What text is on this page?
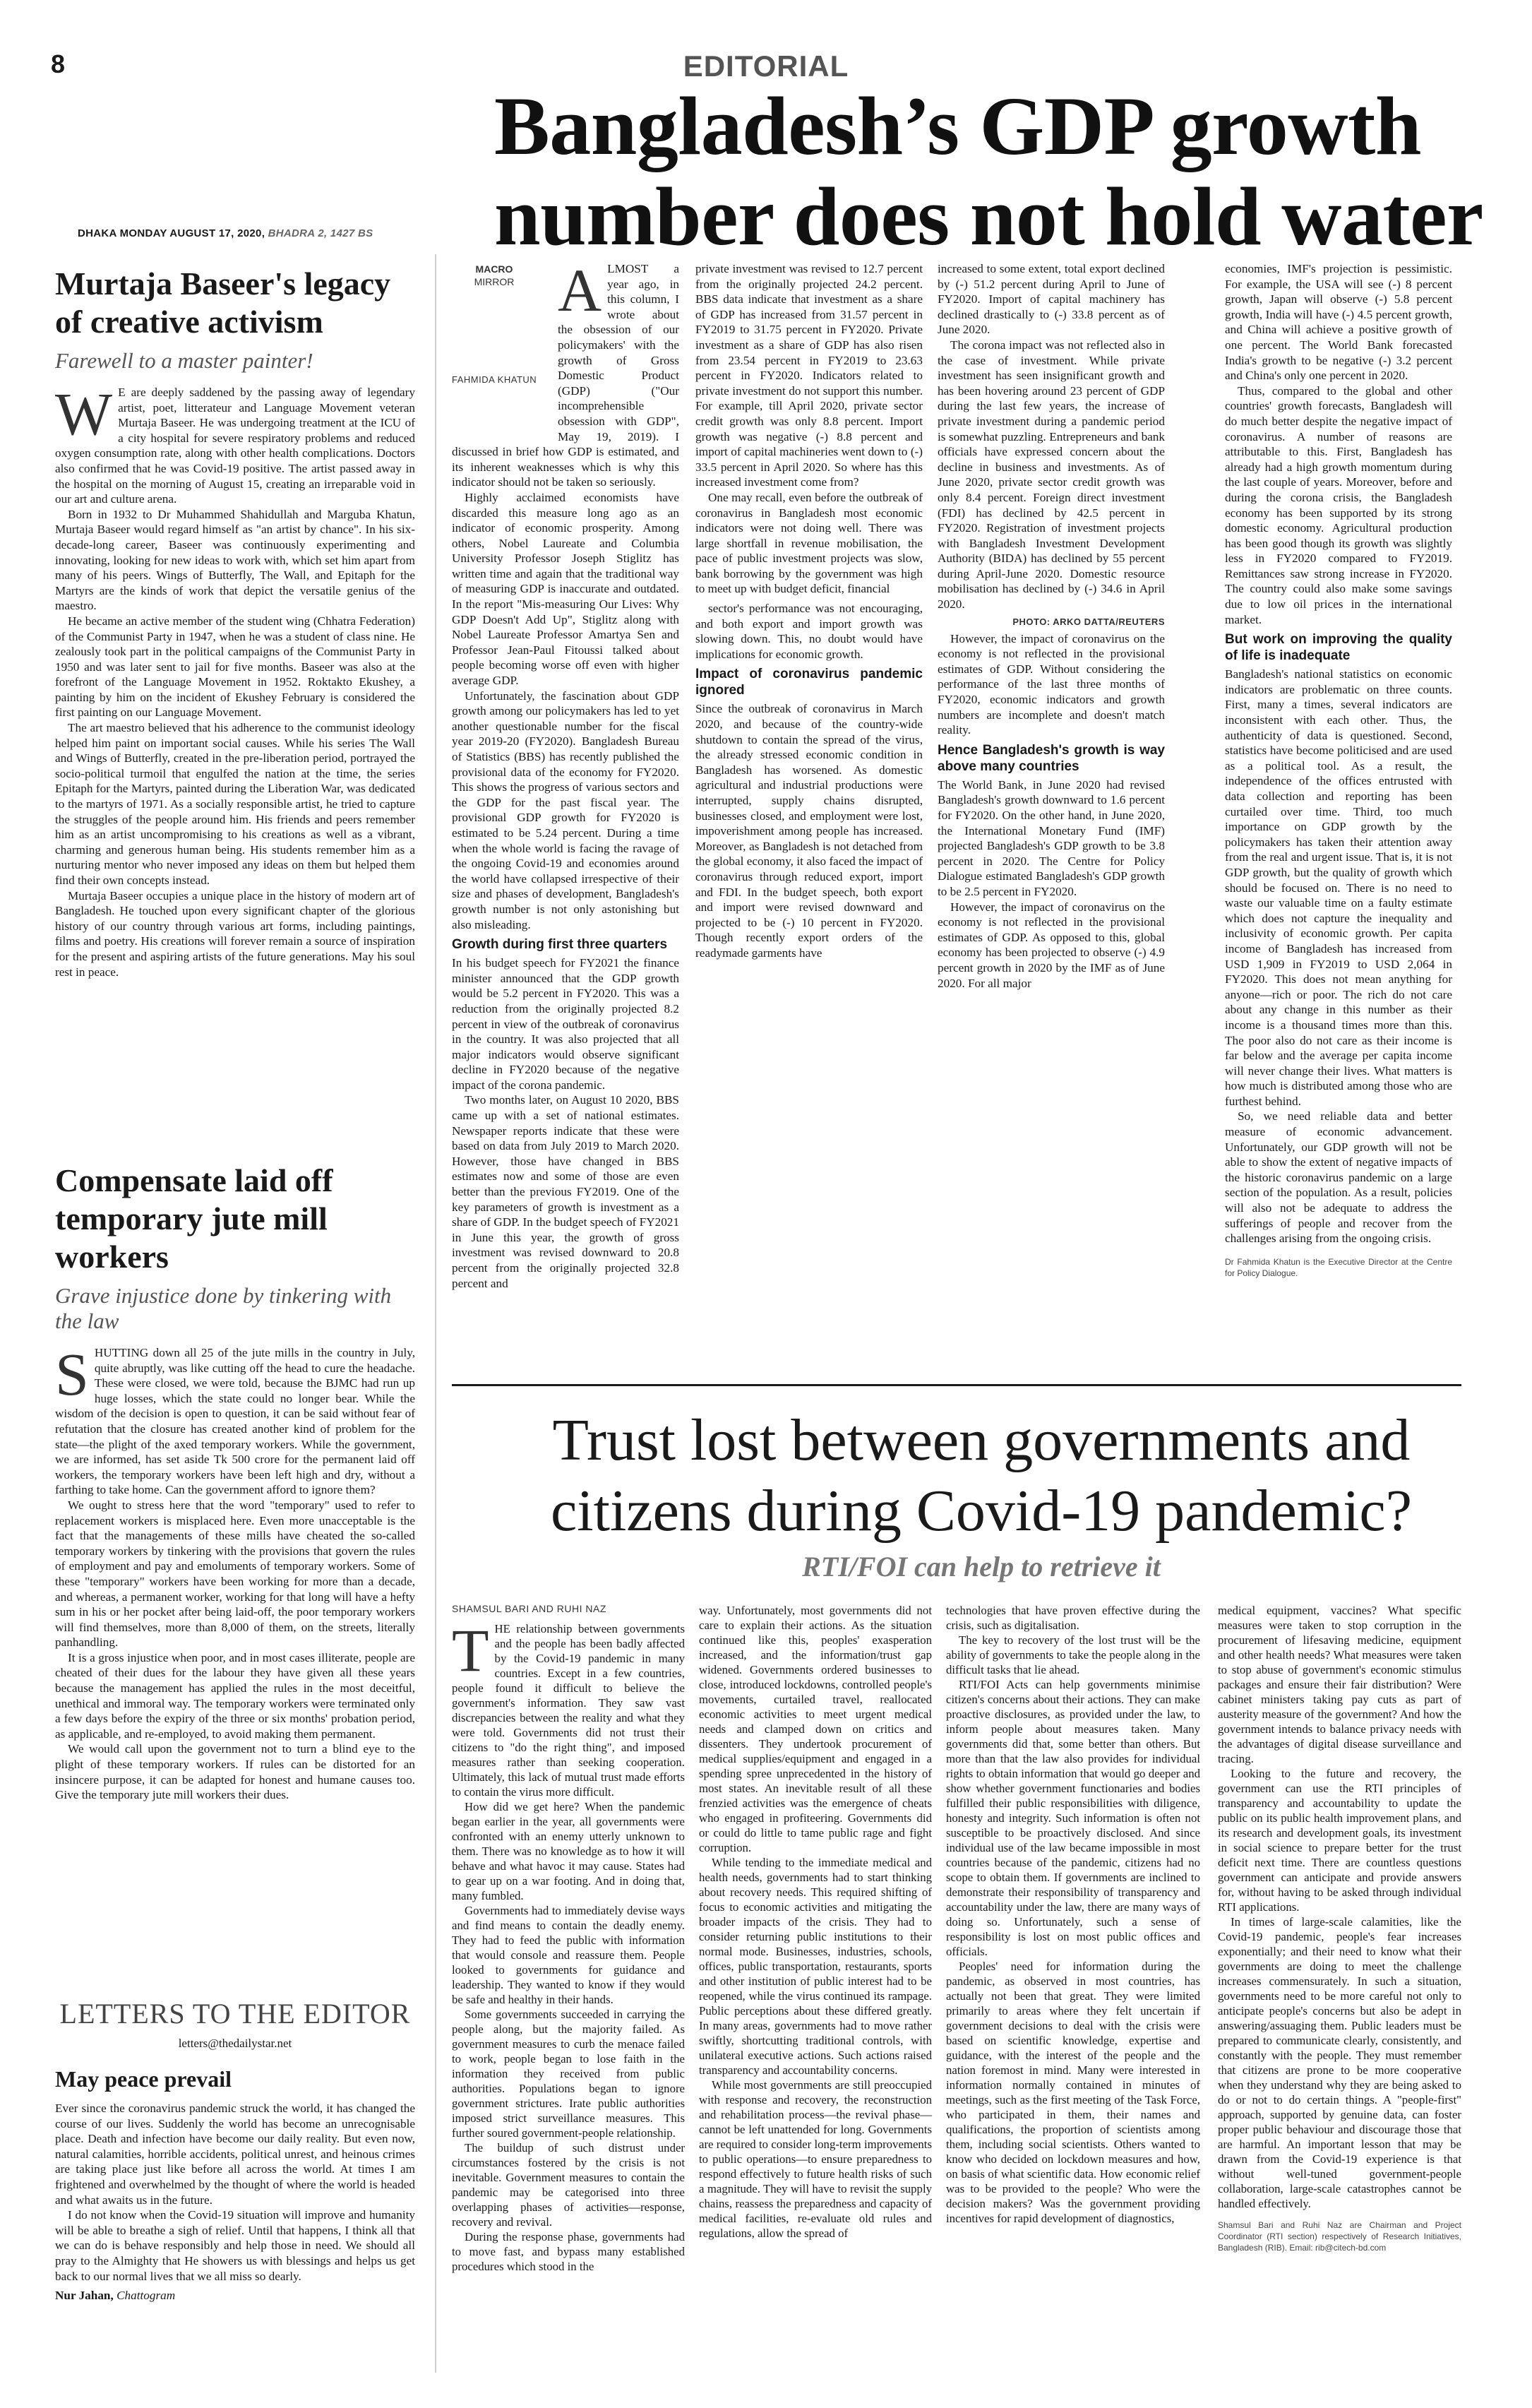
8	EDITORIAL
DHAKA MONDAY AUGUST 17, 2020, BHADRA 2, 1427 BS
Bangladesh’s GDP growth number does not hold water
Murtaja Baseer's legacy of creative activism
Farewell to a master painter!

W E are deeply saddened by the passing away of legendary artist, poet, litterateur and Language Movement veteran Murtaja Baseer. He was undergoing treatment at the ICU of a city hospital for severe respiratory problems and reduced oxygen consumption rate, along with other health complications. Doctors also confirmed that he was Covid-19 positive. The artist passed away in the hospital on the morning of August 15, creating an irreparable void in our art and culture arena.

Born in 1932 to Dr Muhammed Shahidullah and Marguba Khatun, Murtaja Baseer would regard himself as "an artist by chance". In his six-decade-long career, Baseer was continuously experimenting and innovating, looking for new ideas to work with, which set him apart from many of his peers. Wings of Butterfly, The Wall, and Epitaph for the Martyrs are the kinds of work that depict the versatile genius of the maestro.

He became an active member of the student wing (Chhatra Federation) of the Communist Party in 1947, when he was a student of class nine. He zealously took part in the political campaigns of the Communist Party in 1950 and was later sent to jail for five months. Baseer was also at the forefront of the Language Movement in 1952. Roktakto Ekushey, a painting by him on the incident of Ekushey February is considered the first painting on our Language Movement.

The art maestro believed that his adherence to the communist ideology helped him paint on important social causes. While his series The Wall and Wings of Butterfly, created in the pre-liberation period, portrayed the socio-political turmoil that engulfed the nation at the time, the series Epitaph for the Martyrs, painted during the Liberation War, was dedicated to the martyrs of 1971. As a socially responsible artist, he tried to capture the struggles of the people around him. His friends and peers remember him as an artist uncompromising to his creations as well as a vibrant, charming and generous human being. His students remember him as a nurturing mentor who never imposed any ideas on them but helped them find their own concepts instead.

Murtaja Baseer occupies a unique place in the history of modern art of Bangladesh. He touched upon every significant chapter of the glorious history of our country through various art forms, including paintings, films and poetry. His creations will forever remain a source of inspiration for the present and aspiring artists of the future generations. May his soul rest in peace.

Compensate laid off temporary jute mill workers
Grave injustice done by tinkering with the law

SHUTTING down all 25 of the jute mills in the country in July, quite abruptly, was like cutting off the head to cure the headache. These were closed, we were told, because the BJMC had run up huge losses, which the state could no longer bear. While the wisdom of the decision is open to question, it can be said without fear of refutation that the closure has created another kind of problem for the state—the plight of the axed temporary workers. While the government, we are informed, has set aside Tk 500 crore for the permanent laid off workers, the temporary workers have been left high and dry, without a farthing to take home. Can the government afford to ignore them?

We ought to stress here that the word "temporary" used to refer to replacement workers is misplaced here. Even more unacceptable is the fact that the managements of these mills have cheated the so-called temporary workers by tinkering with the provisions that govern the rules of employment and pay and emoluments of temporary workers. Some of these "temporary" workers have been working for more than a decade, and whereas, a permanent worker, working for that long will have a hefty sum in his or her pocket after being laid-off, the poor temporary workers will find themselves, more than 8,000 of them, on the streets, literally panhandling.

It is a gross injustice when poor, and in most cases illiterate, people are cheated of their dues for the labour they have given all these years because the management has applied the rules in the most deceitful, unethical and immoral way. The temporary workers were terminated only a few days before the expiry of the three or six months' probation period, as applicable, and re-employed, to avoid making them permanent.

We would call upon the government not to turn a blind eye to the plight of these temporary workers. If rules can be distorted for an insincere purpose, it can be adapted for honest and humane causes too. Give the temporary jute mill workers their dues.

LETTERS TO THE EDITOR
letters@thedailystar.net
May peace prevail

Ever since the coronavirus pandemic struck the world, it has changed the course of our lives. Suddenly the world has become an unrecognisable place. Death and infection have become our daily reality. But even now, natural calamities, horrible accidents, political unrest, and heinous crimes are taking place just like before all across the world. At times I am frightened and overwhelmed by the thought of where the world is headed and what awaits us in the future.

I do not know when the Covid-19 situation will improve and humanity will be able to breathe a sigh of relief. Until that happens, I think all that we can do is behave responsibly and help those in need. We should all pray to the Almighty that He showers us with blessings and helps us get back to our normal lives that we all miss so dearly.

Nur Jahan, Chattogram

MACRO
MIRROR
FAHMIDA KHATUN

ALMOST a year ago, in this column, I wrote about the obsession of our policymakers' with the growth of Gross Domestic Product (GDP) ("Our incomprehensible obsession with GDP", May 19, 2019). I discussed in brief how GDP is estimated, and its inherent weaknesses which is why this indicator should not be taken so seriously.

Highly acclaimed economists have discarded this measure long ago as an indicator of economic prosperity. Among others, Nobel Laureate and Columbia University Professor Joseph Stiglitz has written time and again that the traditional way of measuring GDP is inaccurate and outdated. In the report "Mis-measuring Our Lives: Why GDP Doesn't Add Up", Stiglitz along with Nobel Laureate Professor Amartya Sen and Professor Jean-Paul Fitoussi talked about people becoming worse off even with higher average GDP.

Unfortunately, the fascination about GDP growth among our policymakers has led to yet another questionable number for the fiscal year 2019-20 (FY2020). Bangladesh Bureau of Statistics (BBS) has recently published the provisional data of the economy for FY2020. This shows the progress of various sectors and the GDP for the past fiscal year. The provisional GDP growth for FY2020 is estimated to be 5.24 percent. During a time when the whole world is facing the ravage of the ongoing Covid-19 and economies around the world have collapsed irrespective of their size and phases of development, Bangladesh's growth number is not only astonishing but also misleading.

Growth during first three quarters

In his budget speech for FY2021 the finance minister announced that the GDP growth would be 5.2 percent in FY2020. This was a reduction from the originally projected 8.2 percent in view of the outbreak of coronavirus in the country. It was also projected that all major indicators would observe significant decline in FY2020 because of the negative impact of the corona pandemic.

Two months later, on August 10 2020, BBS came up with a set of national estimates. Newspaper reports indicate that these were based on data from July 2019 to March 2020. However, those have changed in BBS estimates now and some of those are even better than the previous FY2019. One of the key parameters of growth is investment as a share of GDP. In the budget speech of FY2021 in June this year, the growth of gross investment was revised downward to 20.8 percent from the originally projected 32.8 percent and

private investment was revised to 12.7 percent from the originally projected 24.2 percent. BBS data indicate that investment as a share of GDP has increased from 31.57 percent in FY2019 to 31.75 percent in FY2020. Private investment as a share of GDP has also risen from 23.54 percent in FY2019 to 23.63 percent in FY2020. Indicators related to private investment do not support this number. For example, till April 2020, private sector credit growth was only 8.8 percent. Import growth was negative (-) 8.8 percent and import of capital machineries went down to (-) 33.5 percent in April 2020. So where has this increased investment come from?

One may recall, even before the outbreak of coronavirus in Bangladesh most economic indicators were not doing well. There was large shortfall in revenue mobilisation, the pace of public investment projects was slow, bank borrowing by the government was high to meet up with budget deficit, financial

sector's performance was not encouraging, and both export and import growth was slowing down. This, no doubt would have implications for economic growth.

Impact of coronavirus pandemic ignored

Since the outbreak of coronavirus in March 2020, and because of the country-wide shutdown to contain the spread of the virus, the already stressed economic condition in Bangladesh has worsened. As domestic agricultural and industrial productions were interrupted, supply chains disrupted, businesses closed, and employment were lost, impoverishment among people has increased. Moreover, as Bangladesh is not detached from the global economy, it also faced the impact of coronavirus through reduced export, import and FDI. In the budget speech, both export and import were revised downward and projected to be (-) 10 percent in FY2020. Though recently export orders of the readymade garments have

increased to some extent, total export declined by (-) 51.2 percent during April to June of FY2020. Import of capital machinery has declined drastically to (-) 33.8 percent as of June 2020.

The corona impact was not reflected also in the case of investment. While private investment has seen insignificant growth and has been hovering around 23 percent of GDP during the last few years, the increase of private investment during a pandemic period is somewhat puzzling. Entrepreneurs and bank officials have expressed concern about the decline in business and investments. As of June 2020, private sector credit growth was only 8.4 percent. Foreign direct investment (FDI) has declined by 42.5 percent in FY2020. Registration of investment projects with Bangladesh Investment Development Authority (BIDA) has declined by 55 percent during April-June 2020. Domestic resource mobilisation has declined by (-) 34.6 in April 2020.

PHOTO: ARKO DATTA/REUTERS

However, the impact of coronavirus on the economy is not reflected in the provisional estimates of GDP. Without considering the performance of the last three months of FY2020, economic indicators and growth numbers are incomplete and doesn't match reality.

Hence Bangladesh's growth is way above many countries

The World Bank, in June 2020 had revised Bangladesh's growth downward to 1.6 percent for FY2020. On the other hand, in June 2020, the International Monetary Fund (IMF) projected Bangladesh's GDP growth to be 3.8 percent in 2020. The Centre for Policy Dialogue estimated Bangladesh's GDP growth to be 2.5 percent in FY2020.

However, the impact of coronavirus on the economy is not reflected in the provisional estimates of GDP. As opposed to this, global economy has been projected to observe (-) 4.9 percent growth in 2020 by the IMF as of June 2020. For all major

economies, IMF's projection is pessimistic. For example, the USA will see (-) 8 percent growth, Japan will observe (-) 5.8 percent growth, India will have (-) 4.5 percent growth, and China will achieve a positive growth of one percent. The World Bank forecasted India's growth to be negative (-) 3.2 percent and China's only one percent in 2020.

Thus, compared to the global and other countries' growth forecasts, Bangladesh will do much better despite the negative impact of coronavirus. A number of reasons are attributable to this. First, Bangladesh has already had a high growth momentum during the last couple of years. Moreover, before and during the corona crisis, the Bangladesh economy has been supported by its strong domestic economy. Agricultural production has been good though its growth was slightly less in FY2020 compared to FY2019. Remittances saw strong increase in FY2020. The country could also make some savings due to low oil prices in the international market.

But work on improving the quality of life is inadequate

Bangladesh's national statistics on economic indicators are problematic on three counts. First, many a times, several indicators are inconsistent with each other. Thus, the authenticity of data is questioned. Second, statistics have become politicised and are used as a political tool. As a result, the independence of the offices entrusted with data collection and reporting has been curtailed over time. Third, too much importance on GDP growth by the policymakers has taken their attention away from the real and urgent issue. That is, it is not GDP growth, but the quality of growth which should be focused on. There is no need to waste our valuable time on a faulty estimate which does not capture the inequality and inclusivity of economic growth. Per capita income of Bangladesh has increased from USD 1,909 in FY2019 to USD 2,064 in FY2020. This does not mean anything for anyone—rich or poor. The rich do not care about any change in this number as their income is a thousand times more than this. The poor also do not care as their income is far below and the average per capita income will never change their lives. What matters is how much is distributed among those who are furthest behind.

So, we need reliable data and better measure of economic advancement. Unfortunately, our GDP growth will not be able to show the extent of negative impacts of the historic coronavirus pandemic on a large section of the population. As a result, policies will also not be adequate to address the sufferings of people and recover from the challenges arising from the ongoing crisis.

Dr Fahmida Khatun is the Executive Director at the Centre for Policy Dialogue.
Trust lost between governments and citizens during Covid-19 pandemic?
RTI/FOI can help to retrieve it
SHAMSUL BARI AND RUHI NAZ

THE relationship between governments and the people has been badly affected by the Covid-19 pandemic in many countries. Except in a few countries, people found it difficult to believe the government's information. They saw vast discrepancies between the reality and what they were told. Governments did not trust their citizens to "do the right thing", and imposed measures rather than seeking cooperation. Ultimately, this lack of mutual trust made efforts to contain the virus more difficult.

How did we get here? When the pandemic began earlier in the year, all governments were confronted with an enemy utterly unknown to them. There was no knowledge as to how it will behave and what havoc it may cause. States had to gear up on a war footing. And in doing that, many fumbled.

Governments had to immediately devise ways and find means to contain the deadly enemy. They had to feed the public with information that would console and reassure them. People looked to governments for guidance and leadership. They wanted to know if they would be safe and healthy in their hands.

Some governments succeeded in carrying the people along, but the majority failed. As government measures to curb the menace failed to work, people began to lose faith in the information they received from public authorities. Populations began to ignore government strictures. Irate public authorities imposed strict surveillance measures. This further soured government-people relationship.

The buildup of such distrust under circumstances fostered by the crisis is not inevitable. Government measures to contain the pandemic may be categorised into three overlapping phases of activities—response, recovery and revival.

During the response phase, governments had to move fast, and bypass many established procedures which stood in the

way. Unfortunately, most governments did not care to explain their actions. As the situation continued like this, peoples' exasperation increased, and the information/trust gap widened. Governments ordered businesses to close, introduced lockdowns, controlled people's movements, curtailed travel, reallocated economic activities to meet urgent medical needs and clamped down on critics and dissenters. They undertook procurement of medical supplies/equipment and engaged in a spending spree unprecedented in the history of most states. An inevitable result of all these frenzied activities was the emergence of cheats who engaged in profiteering. Governments did or could do little to tame public rage and fight corruption.

While tending to the immediate medical and health needs, governments had to start thinking about recovery needs. This required shifting of focus to economic activities and mitigating the broader impacts of the crisis. They had to consider returning public institutions to their normal mode. Businesses, industries, schools, offices, public transportation, restaurants, sports and other institution of public interest had to be reopened, while the virus continued its rampage. Public perceptions about these differed greatly. In many areas, governments had to move rather swiftly, shortcutting traditional controls, with unilateral executive actions. Such actions raised transparency and accountability concerns.

While most governments are still preoccupied with response and recovery, the reconstruction and rehabilitation process—the revival phase—cannot be left unattended for long. Governments are required to consider long-term improvements to public operations—to ensure preparedness to respond effectively to future health risks of such a magnitude. They will have to revisit the supply chains, reassess the preparedness and capacity of medical facilities, re-evaluate old rules and regulations, allow the spread of

technologies that have proven effective during the crisis, such as digitalisation.

The key to recovery of the lost trust will be the ability of governments to take the people along in the difficult tasks that lie ahead.

RTI/FOI Acts can help governments minimise citizen's concerns about their actions. They can make proactive disclosures, as provided under the law, to inform people about measures taken. Many governments did that, some better than others. But more than that the law also provides for individual rights to obtain information that would go deeper and show whether government functionaries and bodies fulfilled their public responsibilities with diligence, honesty and integrity. Such information is often not susceptible to be proactively disclosed. And since individual use of the law became impossible in most countries because of the pandemic, citizens had no scope to obtain them. If governments are inclined to demonstrate their responsibility of transparency and accountability under the law, there are many ways of doing so. Unfortunately, such a sense of responsibility is lost on most public offices and officials.

Peoples' need for information during the pandemic, as observed in most countries, has actually not been that great. They were limited primarily to areas where they felt uncertain if government decisions to deal with the crisis were based on scientific knowledge, expertise and guidance, with the interest of the people and the nation foremost in mind. Many were interested in information normally contained in minutes of meetings, such as the first meeting of the Task Force, who participated in them, their names and qualifications, the proportion of scientists among them, including social scientists. Others wanted to know who decided on lockdown measures and how, on basis of what scientific data. How economic relief was to be provided to the people? Who were the decision makers? Was the government providing incentives for rapid development of diagnostics,

medical equipment, vaccines? What specific measures were taken to stop corruption in the procurement of lifesaving medicine, equipment and other health needs? What measures were taken to stop abuse of government's economic stimulus packages and ensure their fair distribution? Were cabinet ministers taking pay cuts as part of austerity measure of the government? And how the government intends to balance privacy needs with the advantages of digital disease surveillance and tracing.

Looking to the future and recovery, the government can use the RTI principles of transparency and accountability to update the public on its public health improvement plans, and its research and development goals, its investment in social science to prepare better for the trust deficit next time. There are countless questions government can anticipate and provide answers for, without having to be asked through individual RTI applications.

In times of large-scale calamities, like the Covid-19 pandemic, people's fear increases exponentially; and their need to know what their governments are doing to meet the challenge increases commensurately. In such a situation, governments need to be more careful not only to anticipate people's concerns but also be adept in answering/assuaging them. Public leaders must be prepared to communicate clearly, consistently, and constantly with the people. They must remember that citizens are prone to be more cooperative when they understand why they are being asked to do or not to do certain things. A "people-first" approach, supported by genuine data, can foster proper public behaviour and discourage those that are harmful. An important lesson that may be drawn from the Covid-19 experience is that without well-tuned government-people collaboration, large-scale catastrophes cannot be handled effectively.

Shamsul Bari and Ruhi Naz are Chairman and Project Coordinator (RTI section) respectively of Research Initiatives, Bangladesh (RIB). Email: rib@citech-bd.com
